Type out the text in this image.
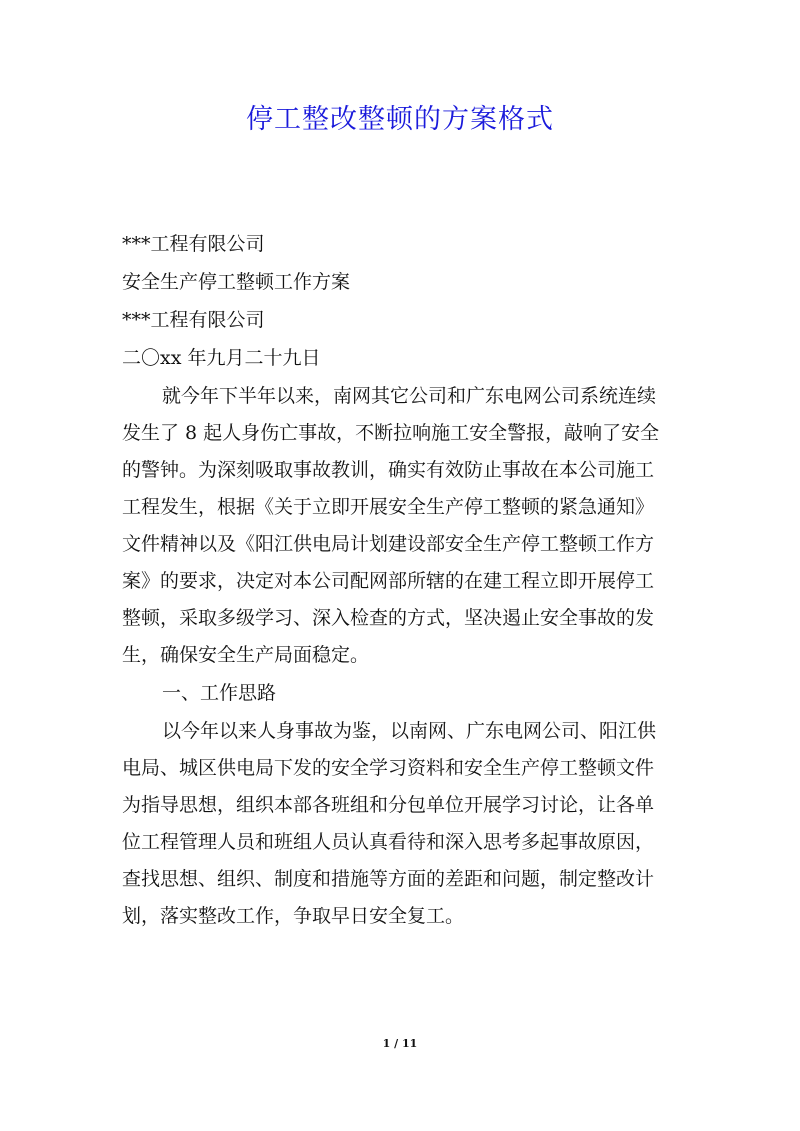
停工整改整顿的方案格式
***工程有限公司
安全生产停工整顿工作方案
***工程有限公司
二〇xx 年九月二十九日
就今年下半年以来，南网其它公司和广东电网公司系统连续
发生了 8 起人身伤亡事故，不断拉响施工安全警报，敲响了安全
的警钟。为深刻吸取事故教训，确实有效防止事故在本公司施工
工程发生，根据《关于立即开展安全生产停工整顿的紧急通知》
文件精神以及《阳江供电局计划建设部安全生产停工整顿工作方
案》的要求，决定对本公司配网部所辖的在建工程立即开展停工
整顿，采取多级学习、深入检查的方式，坚决遏止安全事故的发
生，确保安全生产局面稳定。
一、工作思路
以今年以来人身事故为鉴，以南网、广东电网公司、阳江供
电局、城区供电局下发的安全学习资料和安全生产停工整顿文件
为指导思想，组织本部各班组和分包单位开展学习讨论，让各单
位工程管理人员和班组人员认真看待和深入思考多起事故原因，
查找思想、组织、制度和措施等方面的差距和问题，制定整改计
划，落实整改工作，争取早日安全复工。
1 / 11
